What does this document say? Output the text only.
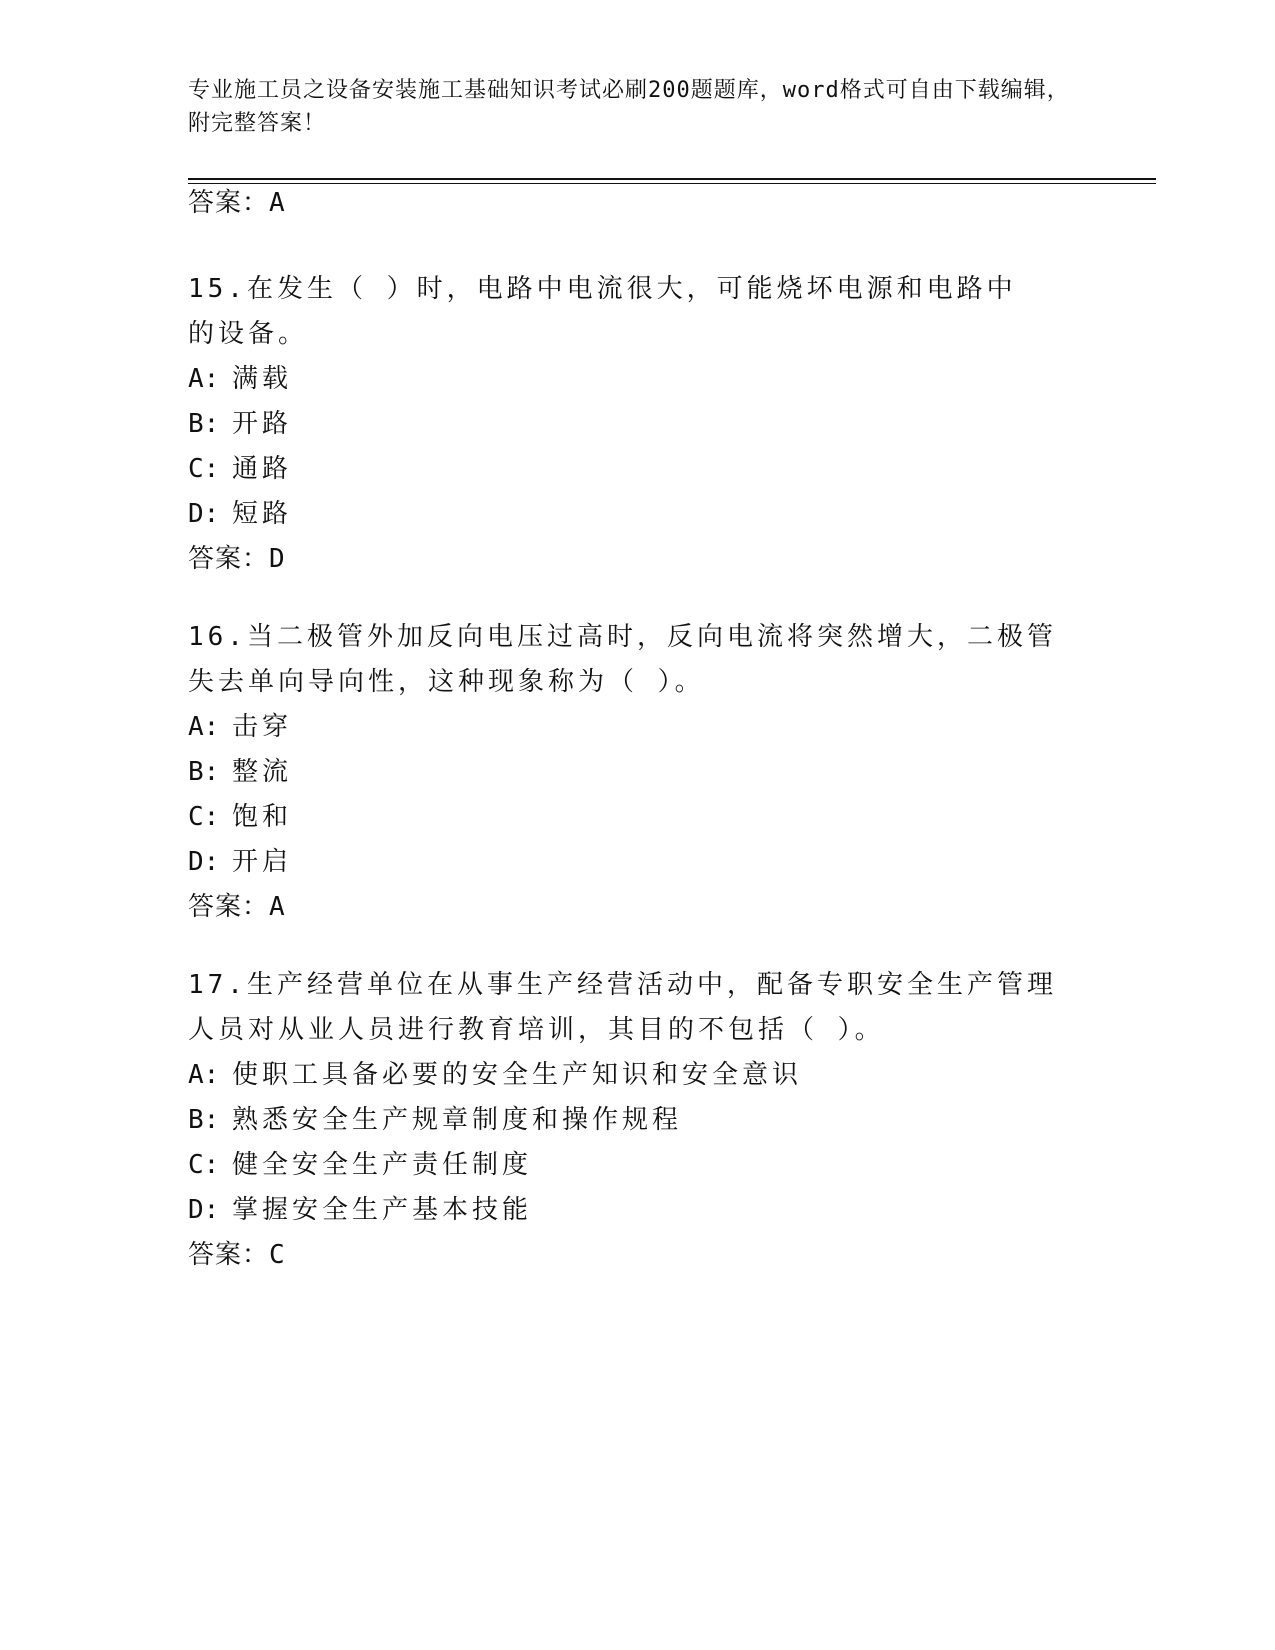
专业施工员之设备安装施工基础知识考试必刷200题题库，word格式可自由下载编辑，附完整答案！
答案：A

15.在发生（ ）时，电路中电流很大，可能烧坏电源和电路中的设备。

A: 满载
B: 开路
C: 通路
D: 短路
答案：D

16.当二极管外加反向电压过高时，反向电流将突然增大，二极管失去单向导向性，这种现象称为（ ）。

A: 击穿
B: 整流
C: 饱和
D: 开启
答案：A

17.生产经营单位在从事生产经营活动中，配备专职安全生产管理人员对从业人员进行教育培训，其目的不包括（ ）。

A: 使职工具备必要的安全生产知识和安全意识
B: 熟悉安全生产规章制度和操作规程
C: 健全安全生产责任制度
D: 掌握安全生产基本技能
答案：C
